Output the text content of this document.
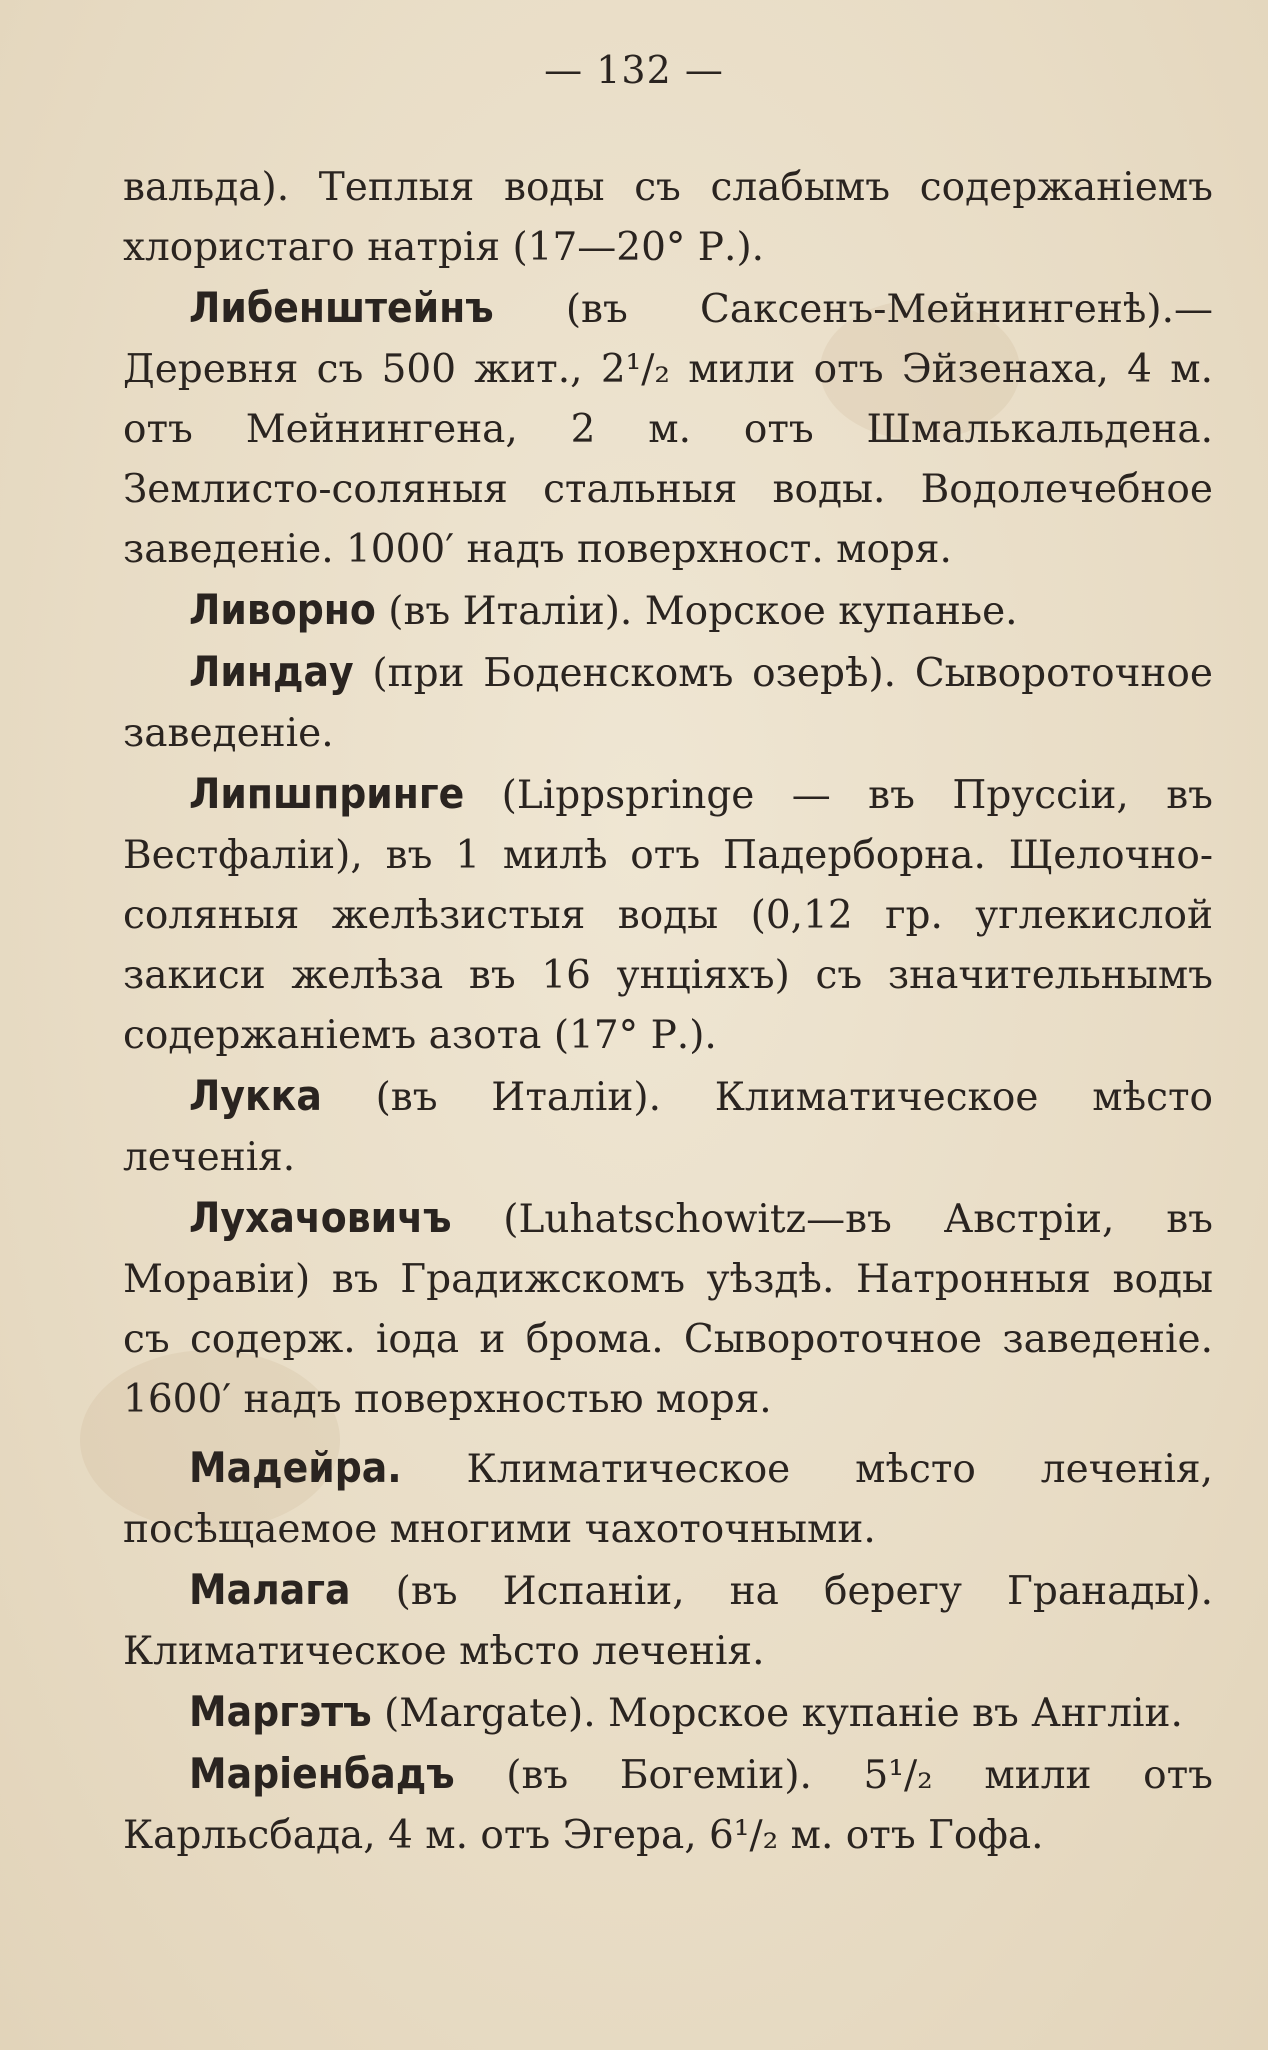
— 132 —

вальда). Теплыя воды съ слабымъ содержанiемъ хлористаго натрiя (17—20° Р.).

Либенштейнъ (въ Саксенъ-Мейнингенѣ).— Деревня съ 500 жит., 2¹/₂ мили отъ Эйзенаха, 4 м. отъ Мейнингена, 2 м. отъ Шмалькальдена. Землисто-соляныя стальныя воды. Водолечебное заведенiе. 1000′ надъ поверхност. моря.

Ливорно (въ Италiи). Морское купанье.

Линдау (при Боденскомъ озерѣ). Сывороточное заведенiе.

Липшпрингe (Lippspringe — въ Пруссiи, въ Вестфалiи), въ 1 милѣ отъ Падерборна. Щелочно-соляныя желѣзистыя воды (0,12 гр. углекислой закиси желѣза въ 16 унцiяхъ) съ значительнымъ содержанiемъ азота (17° Р.).

Лукка (въ Италiи). Климатическое мѣсто леченiя.

Лухачовичъ (Luhatschowitz—въ Австрiи, въ Моравiи) въ Градижскомъ уѣздѣ. Натронныя воды съ содерж. iода и брома. Сывороточное заведенiе. 1600′ надъ поверхностью моря.

Мадейра. Климатическое мѣсто леченiя, посѣщаемое многими чахоточными.

Малага (въ Испанiи, на берегу Гранады). Климатическое мѣсто леченiя.

Маргэтъ (Margate). Морское купанiе въ Англiи.

Марiенбадъ (въ Богемiи). 5¹/₂ мили отъ Карльсбада, 4 м. отъ Эгера, 6¹/₂ м. отъ Гофа.
